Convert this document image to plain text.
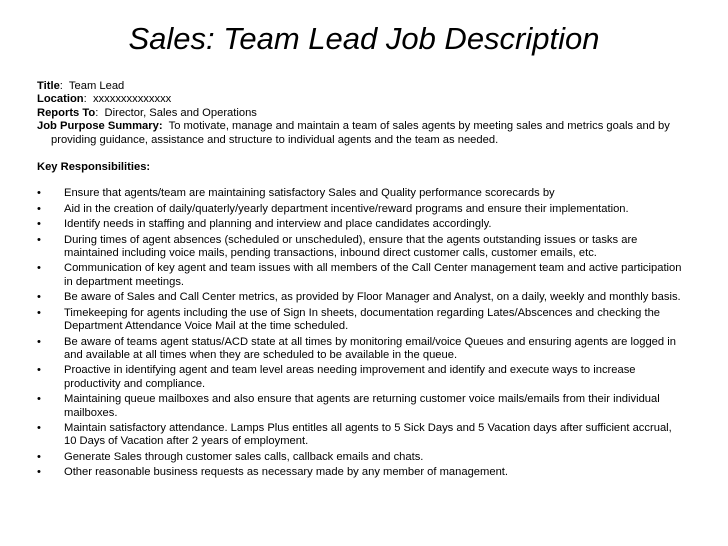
Sales: Team Lead Job Description

Title: Team Lead

Location: xxxxxxxxxxxxxx

Reports To: Director, Sales and Operations

Job Purpose Summary: To motivate, manage and maintain a team of sales agents by meeting sales and metrics goals and by providing guidance, assistance and structure to individual agents and the team as needed.

Key Responsibilities:
•	Ensure that agents/team are maintaining satisfactory Sales and Quality performance scorecards by
•	Aid in the creation of daily/quaterly/yearly department incentive/reward programs and ensure their implementation.
•	Identify needs in staffing and planning and interview and place candidates accordingly.
•	During times of agent absences (scheduled or unscheduled), ensure that the agents outstanding issues or tasks are maintained including voice mails, pending transactions, inbound direct customer calls, customer emails, etc.
•	Communication of key agent and team issues with all members of the Call Center management team and active participation in department meetings.
•	Be aware of Sales and Call Center metrics, as provided by Floor Manager and Analyst, on a daily, weekly and monthly basis.
•	Timekeeping for agents including the use of Sign In sheets, documentation regarding Lates/Abscences and checking the Department Attendance Voice Mail at the time scheduled.
•	Be aware of teams agent status/ACD state at all times by monitoring email/voice Queues and ensuring agents are logged in and available at all times when they are scheduled to be available in the queue.
•	Proactive in identifying agent and team level areas needing improvement and identify and execute ways to increase productivity and compliance.
•	Maintaining queue mailboxes and also ensure that agents are returning customer voice mails/emails from their individual mailboxes.
•	Maintain satisfactory attendance. Lamps Plus entitles all agents to 5 Sick Days and 5 Vacation days after sufficient accrual, 10 Days of Vacation after 2 years of employment.
•	Generate Sales through customer sales calls, callback emails and chats.
•	Other reasonable business requests as necessary made by any member of management.
